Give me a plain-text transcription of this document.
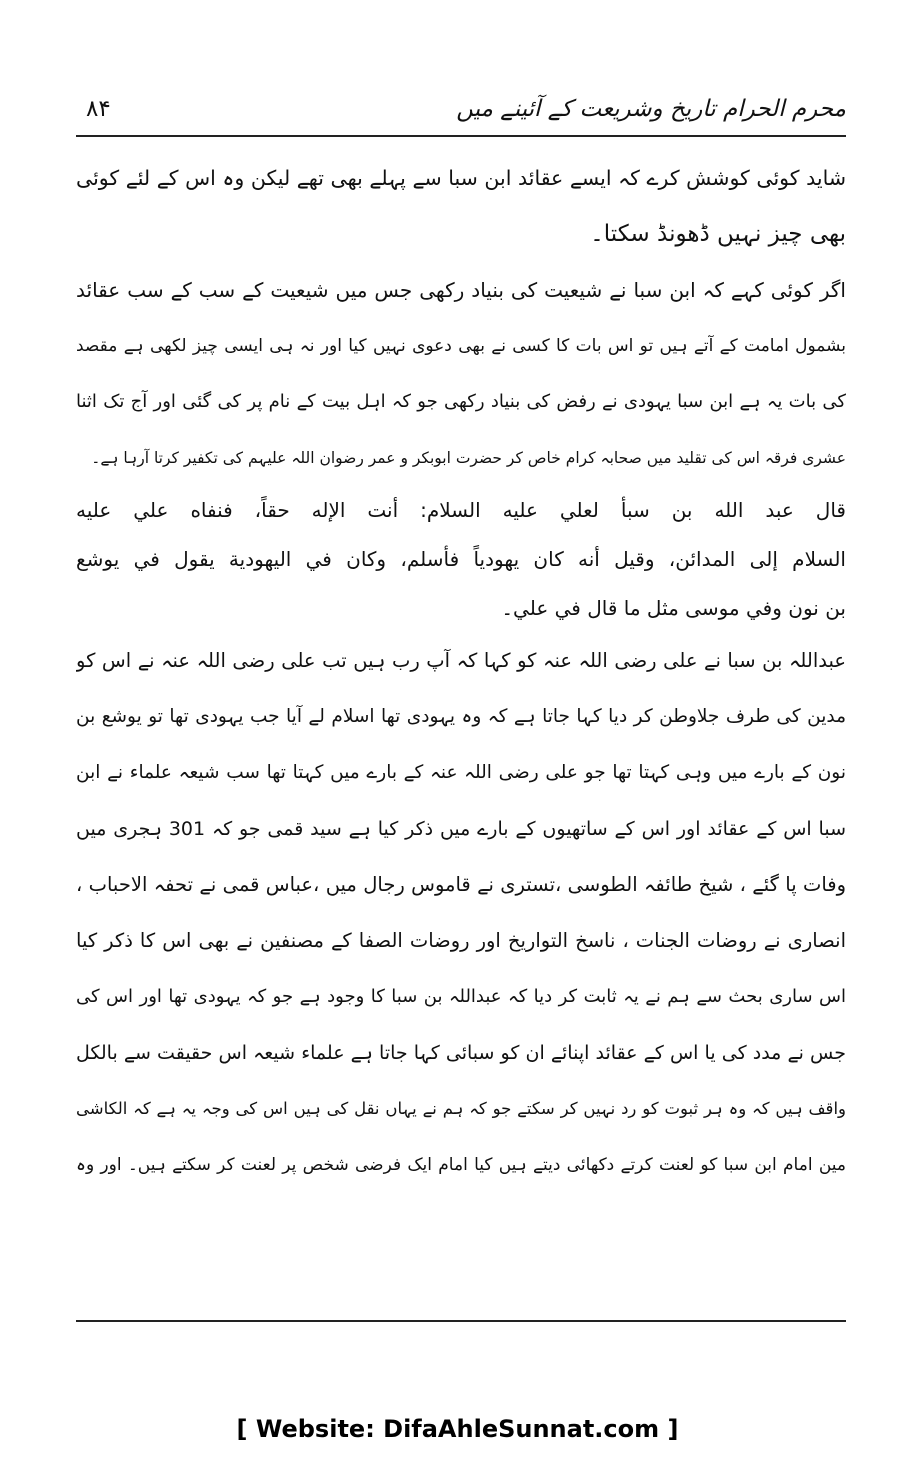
محرم الحرام تاریخ وشریعت کے آئینے میں
۸۴
شاید کوئی کوشش کرے کہ ایسے عقائد ابن سبا سے پہلے بھی تھے لیکن وہ اس کے لئے کوئی
بھی چیز نہیں ڈھونڈ سکتا۔
اگر کوئی کہے کہ ابن سبا نے شیعیت کی بنیاد رکھی جس میں شیعیت کے سب کے سب عقائد
بشمول امامت کے آتے ہیں تو اس بات کا کسی نے بھی دعوی نہیں کیا اور نہ ہی ایسی چیز لکھی ہے مقصد
کی بات یہ ہے ابن سبا یہودی نے رفض کی بنیاد رکھی جو کہ اہل بیت کے نام پر کی گئی اور آج تک اثنا
عشری فرقہ اس کی تقلید میں صحابہ کرام خاص کر حضرت ابوبکر و عمر رضوان اللہ علیہم کی تکفیر کرتا آرہا ہے۔
قال عبد الله بن سبأ لعلي عليه السلام: أنت الإله حقاً، فنفاه علي عليه
السلام إلى المدائن، وقيل أنه كان يهودياً فأسلم، وكان في اليهودية يقول في يوشع
بن نون وفي موسى مثل ما قال في علي۔
عبداللہ بن سبا نے علی رضی اللہ عنہ کو کہا کہ آپ رب ہیں تب علی رضی اللہ عنہ نے اس کو
مدین کی طرف جلاوطن کر دیا کہا جاتا ہے کہ وہ یہودی تھا اسلام لے آیا جب یہودی تھا تو یوشع بن
نون کے بارے میں وہی کہتا تھا جو علی رضی اللہ عنہ کے بارے میں کہتا تھا سب شیعہ علماء نے ابن
سبا اس کے عقائد اور اس کے ساتھیوں کے بارے میں ذکر کیا ہے سید قمی جو کہ 301 ہجری میں
وفات پا گئے ، شیخ طائفہ الطوسی ،تستری نے قاموس رجال میں ،عباس قمی نے تحفہ الاحباب ،
انصاری نے روضات الجنات ، ناسخ التواریخ اور روضات الصفا کے مصنفین نے بھی اس کا ذکر کیا
اس ساری بحث سے ہم نے یہ ثابت کر دیا کہ عبداللہ بن سبا کا وجود ہے جو کہ یہودی تھا اور اس کی
جس نے مدد کی یا اس کے عقائد اپنائے ان کو سبائی کہا جاتا ہے علماء شیعہ اس حقیقت سے بالکل
واقف ہیں کہ وہ ہر ثبوت کو رد نہیں کر سکتے جو کہ ہم نے یہاں نقل کی ہیں اس کی وجہ یہ ہے کہ الکاشی
مین امام ابن سبا کو لعنت کرتے دکھائی دیتے ہیں کیا امام ایک فرضی شخص پر لعنت کر سکتے ہیں۔ اور وہ
[ Website: DifaAhleSunnat.com ]
